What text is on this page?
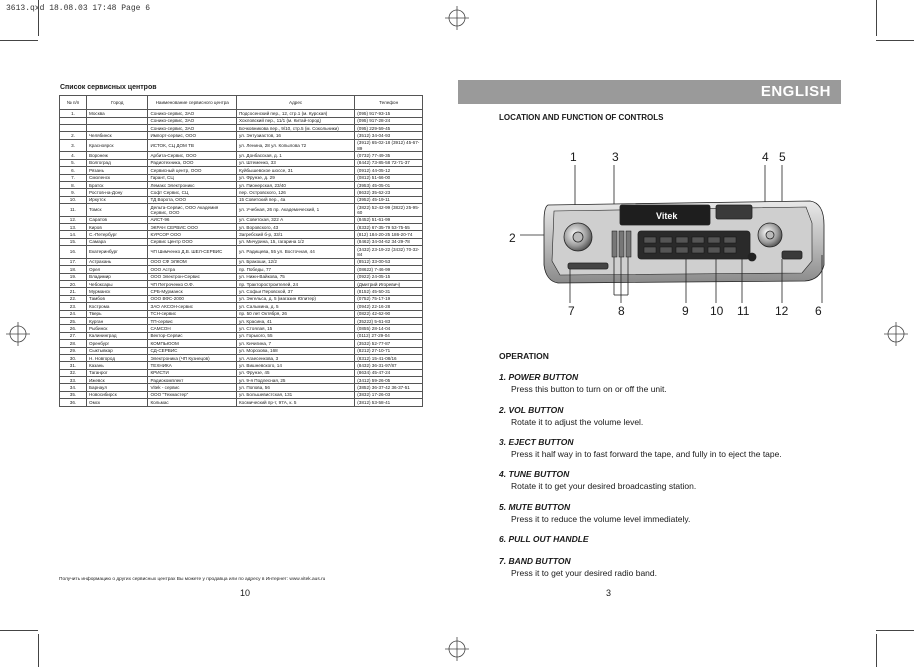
3613.qxd 18.08.03 17:48 Page 6
Список сервисных центров
№ п/п	Город	Наименование сервисного центра	Адрес	Телефон
1.	Москва	Сонико-сервис, ЗАО	Подсосенский пер., 12, стр.1 (м. Курская)	(095) 917-93-15
		Сонико-сервис, ЗАО	Хохловский пер., 11/1 (м. Китай-город)	(095) 917-28-24
		Сонико-сервис, ЗАО	Бочковникова пер., 9/10, стр.5 (м. Сокольники)	(095) 229-59-45
2.	Челябинск	Импорт-сервис, ООО	ул. Энтузиастов, 16	(3512) 34-04-93
3.	Красноярск	ИСТОК, СЦ ДОМ ТВ	ул. Ленина, 28 ул. Копылова 72	(3912) 65-02-18 (3912) 45-67-89
4.	Воронеж	Арбита-Сервис, ООО	ул. Донбасская, д. 1	(0732) 77-49-35
5.	Волгоград	Радиотехника, ООО	ул. Штеменко, 33	(8442) 73-85-58 72-71-37
6.	Рязань	Сервисный центр, ООО	Куйбышевское шоссе, 31	(0912) 44-05-12
7.	Смоленск	Гарант, СЦ	ул. Фрунзе, д. 29	(0812) 51-66-00
8.	Братск	Лемакс Электроникс	ул. Пионерская, 23/40	(3953) 45-05-01
9.	Ростов-на-Дону	Софт Сервис, СЦ	пер. Островского, 126	(8632) 35-62-23
10.	Иркутск	ТД Ворота, ООО	15 Советский пер., 4а	(3952) 45-19-11
11.	Томск	Дельта-Сервис, ООО Академия Сервис, ООО	ул. Учебная, 26 пр. Академический, 1	(3822) 52-42-99 (3822) 25-95-60
12.	Саратов	АИСТ-96	ул. Советская, 322 А	(8452) 51-61-99
13.	Киров	ЭКРАН СЕРВИС ООО	ул. Воровского, 43	(8332) 67-35-79 53-75-55
14.	С.-Петербург	КУРСОР ООО	Загребский б-р, 33/1	(812) 184-20-25 186-20-74
15.	Самара	Сервис Центр ООО	ул. Мичурина, 15, гагарина 1/2	(8462) 34-04-62 34-29-78
16.	Екатеринбург	ЧП Шимченко Д.В. ШЕЛ-СЕРВИС	ул. Радищева, 55 ул. Восточная, 44	(3432) 23-19-22 (3432) 70-32-84
17.	Астрахань	ООО СФ ЭЛКОМ	ул. Бракоши, 12/2	(8512) 33-00-53
18.	Орел	ООО Астра	пр. Победы, 77	(08622) 7-46-99
19.	Владимир	ООО Электрон-Сервис	ул. Нижн-Вайкова, 75	(0922) 24-05-15
20.	Чебоксары	ЧП Петроченко О.Ф.	пр. Тракторостроителей, 24	(Дмитрий Игоревич)
21.	Мурманск	СРБ-Мурманск	ул. Софьи Перовской, 37	(8152) 45-50-31
22.	Тамбов	ООО ВФС-2000	ул. Энгельса, д. 5 (магазин Юпитер)	(0752) 75-17-19
23.	Кострома	ЗАО АКСОН-сервис	ул. Сальмина, д. 5	(0942) 22-16-28
24.	Тверь	ТСН-сервис	пр. 50 лет Октября, 26	(0822) 42-62-90
25.	Курган	ТП-сервис	ул. Красина, 41	(35222) 5-61-83
26.	Рыбинск	САМСОН	ул. Стоялая, 15	(0855) 28-14-04
27.	Калининград	Вектор-Сервис	ул. Горького, 55	(0112) 27-29-04
28.	Оренбург	КОМПЬЮОМ	ул. Кичигина, 7	(3532) 52-77-87
29.	Сыктывкар	СД-СЕРВИС	ул. Морозова, 168	(8212) 27-10-71
30.	Н. Новгород	Электроника (ЧП Кузнецов)	ул. Агаесенкова, 3	(8312) 15-41-08/16
31.	Казань	ТЕХНИКА	ул. Вишневского, 14	(8432) 36-31-97/87
32.	Таганрог	КРИСТИ	ул. Фрунзе, 45	(8634) 45-47-24
33.	Ижевск	Радиокомплект	ул. 9-я Подлесная, 25	(3412) 59-26-05
34.	Барнаул	Vitek - сервис	ул. Попова, 56	(3852) 36-37-42 36-37-51
35.	Новосибирск	ООО "Техмастер"	ул. Большевистская, 131	(3832) 17-26-03
36.	Омск	Кольмас	Космический пр-т, 97А, к. 5	(3812) 53-58-41
Получить информацию о других сервисных центрах Вы можете у продавца или по адресу в Интернет: www.vitek.aus.ru
10
ENGLISH
LOCATION AND FUNCTION OF CONTROLS
1	3	4 5
2
7	8	9 10 11 12 6
Vitek
OPERATION
1. POWER BUTTON
Press this button to turn on or off the unit.
2. VOL BUTTON
Rotate it to adjust the volume level.
3. EJECT BUTTON
Press it half way in to fast forward the tape, and fully in to eject the tape.
4. TUNE BUTTON
Rotate it to get your desired broadcasting station.
5. MUTE BUTTON
Press it to reduce the volume level immediately.
6. PULL OUT HANDLE
7. BAND BUTTON
Press it to get your desired radio band.
3
